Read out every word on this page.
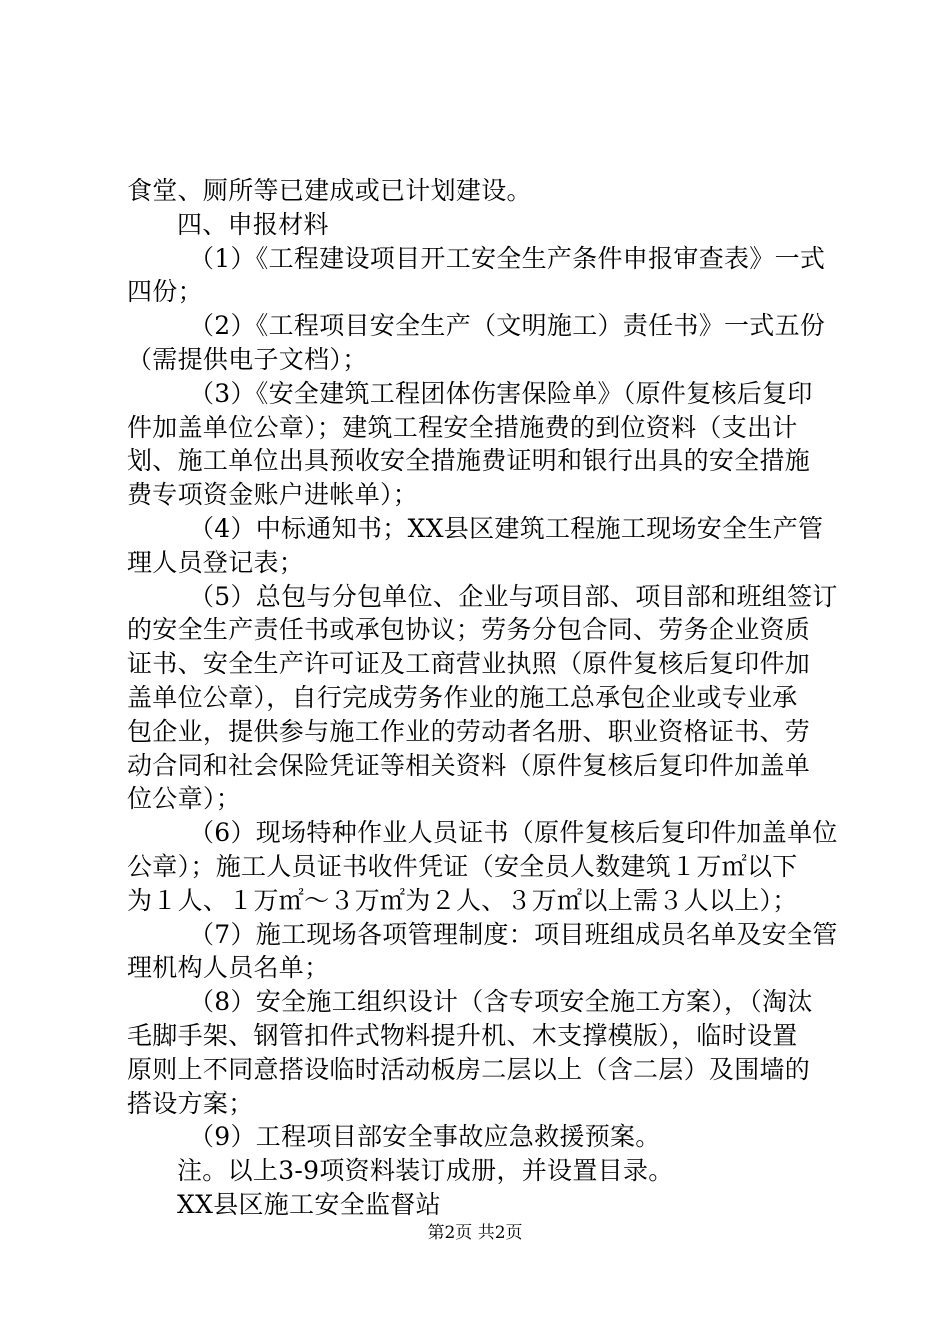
食堂、厕所等已建成或已计划建设。
四、申报材料
（1）《工程建设项目开工安全生产条件申报审查表》一式
四份；
（2）《工程项目安全生产（文明施工）责任书》一式五份
（需提供电子文档）；
（3）《安全建筑工程团体伤害保险单》（原件复核后复印
件加盖单位公章）；建筑工程安全措施费的到位资料（支出计
划、施工单位出具预收安全措施费证明和银行出具的安全措施
费专项资金账户进帐单）；
（4）中标通知书；XX县区建筑工程施工现场安全生产管
理人员登记表；
（5）总包与分包单位、企业与项目部、项目部和班组签订
的安全生产责任书或承包协议；劳务分包合同、劳务企业资质
证书、安全生产许可证及工商营业执照（原件复核后复印件加
盖单位公章），自行完成劳务作业的施工总承包企业或专业承
包企业，提供参与施工作业的劳动者名册、职业资格证书、劳
动合同和社会保险凭证等相关资料（原件复核后复印件加盖单
位公章）；
（6）现场特种作业人员证书（原件复核后复印件加盖单位
公章）；施工人员证书收件凭证（安全员人数建筑１万㎡以下
为１人、１万㎡～３万㎡为２人、３万㎡以上需３人以上）；
（7）施工现场各项管理制度：项目班组成员名单及安全管
理机构人员名单；
（8）安全施工组织设计（含专项安全施工方案），（淘汰
毛脚手架、钢管扣件式物料提升机、木支撑模版），临时设置
原则上不同意搭设临时活动板房二层以上（含二层）及围墙的
搭设方案；
（9）工程项目部安全事故应急救援预案。
注。以上3-9项资料装订成册，并设置目录。
XX县区施工安全监督站
第2页 共2页
